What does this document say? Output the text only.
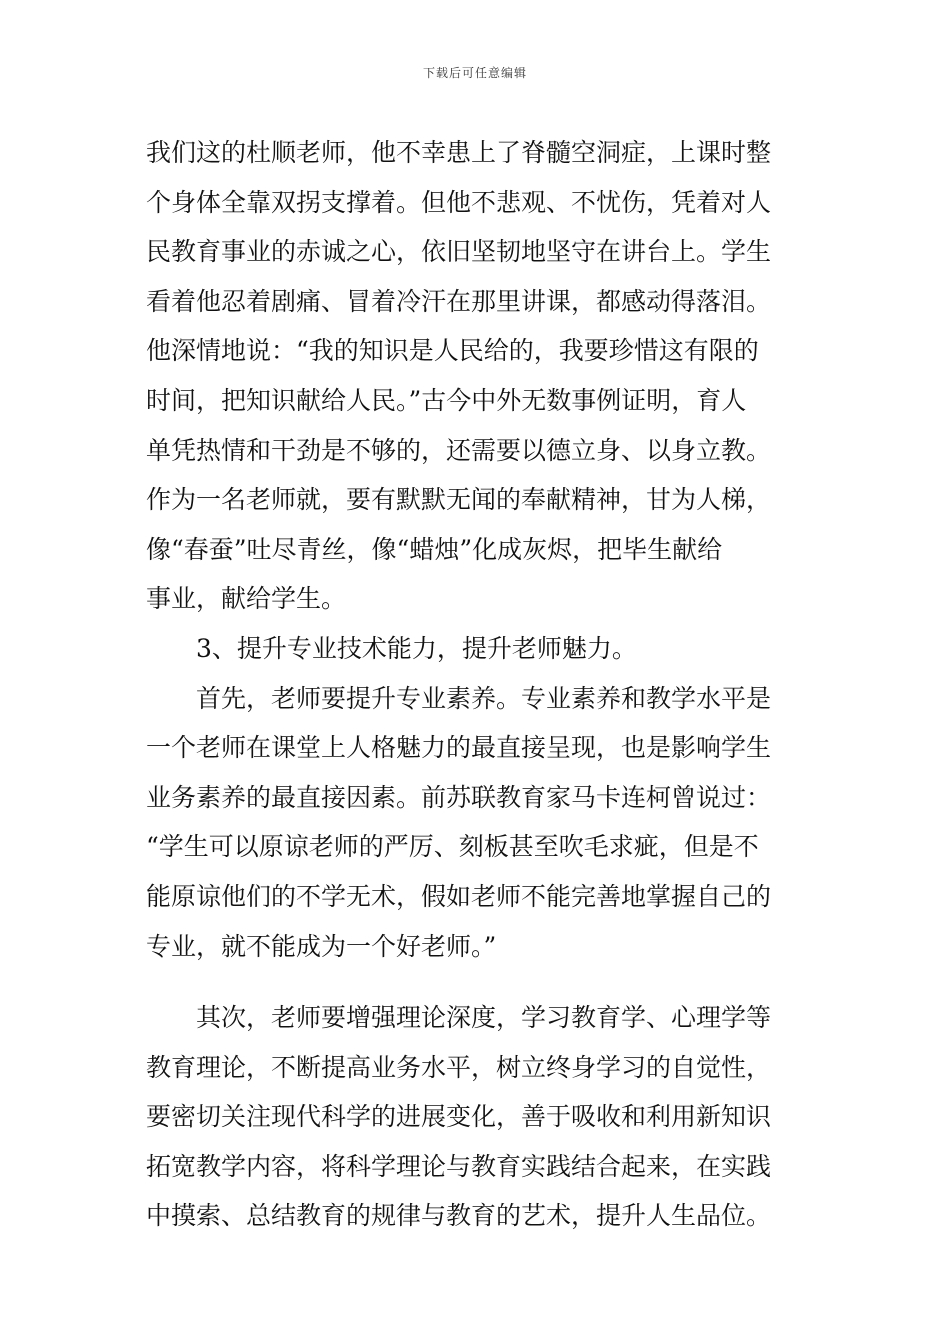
下载后可任意编辑
我们这的杜顺老师，他不幸患上了脊髓空洞症，上课时整
个身体全靠双拐支撑着。但他不悲观、不忧伤，凭着对人
民教育事业的赤诚之心，依旧坚韧地坚守在讲台上。学生
看着他忍着剧痛、冒着冷汗在那里讲课，都感动得落泪。
他深情地说：“我的知识是人民给的，我要珍惜这有限的
时间，把知识献给人民。”古今中外无数事例证明，育人
单凭热情和干劲是不够的，还需要以德立身、以身立教。
作为一名老师就，要有默默无闻的奉献精神，甘为人梯，
像“春蚕”吐尽青丝，像“蜡烛”化成灰烬，把毕生献给
事业，献给学生。
3、提升专业技术能力，提升老师魅力。
首先，老师要提升专业素养。专业素养和教学水平是
一个老师在课堂上人格魅力的最直接呈现，也是影响学生
业务素养的最直接因素。前苏联教育家马卡连柯曾说过：
“学生可以原谅老师的严厉、刻板甚至吹毛求疵，但是不
能原谅他们的不学无术，假如老师不能完善地掌握自己的
专业，就不能成为一个好老师。”
其次，老师要增强理论深度，学习教育学、心理学等
教育理论，不断提高业务水平，树立终身学习的自觉性，
要密切关注现代科学的进展变化，善于吸收和利用新知识
拓宽教学内容，将科学理论与教育实践结合起来，在实践
中摸索、总结教育的规律与教育的艺术，提升人生品位。
